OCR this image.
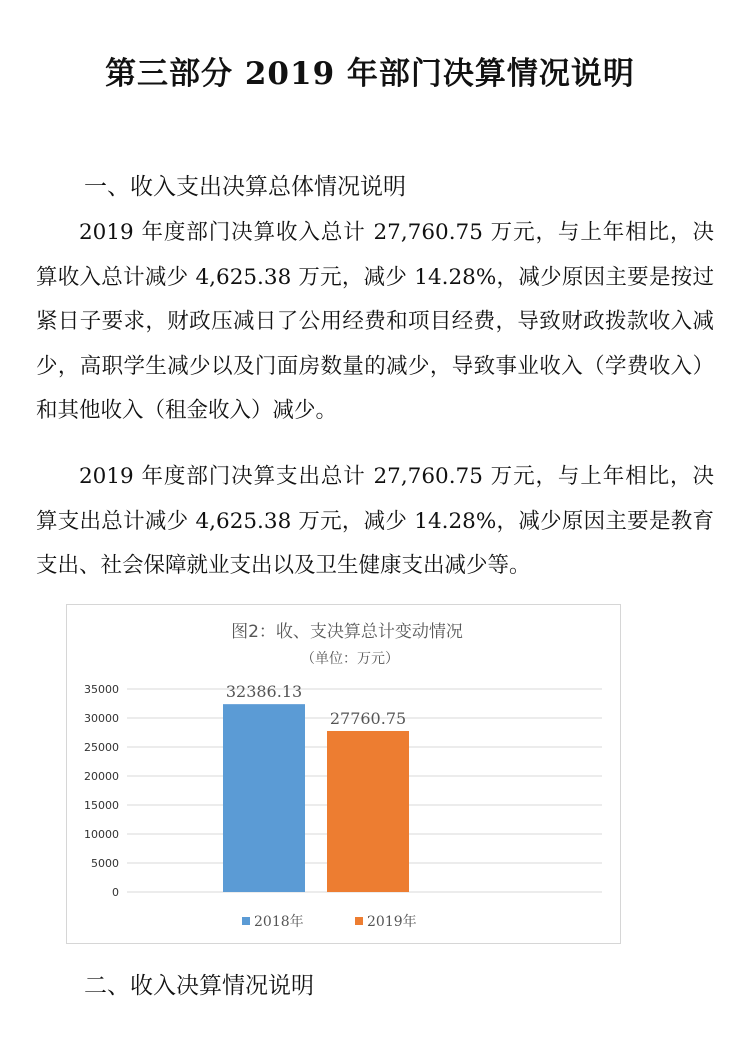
第三部分 2019 年部门决算情况说明
一、收入支出决算总体情况说明

2019 年度部门决算收入总计 27,760.75 万元，与上年相比，决算收入总计减少 4,625.38 万元，减少 14.28%，减少原因主要是按过紧日子要求，财政压减日了公用经费和项目经费，导致财政拨款收入减少，高职学生减少以及门面房数量的减少，导致事业收入（学费收入）和其他收入（租金收入）减少。

2019 年度部门决算支出总计 27,760.75 万元，与上年相比，决算支出总计减少 4,625.38 万元，减少 14.28%，减少原因主要是教育支出、社会保障就业支出以及卫生健康支出减少等。

图2：收、支决算总计变动情况
（单位：万元）
0
5000
10000
15000
20000
25000
30000
35000	32386.13
27760.75
2018年	2019年
二、收入决算情况说明
